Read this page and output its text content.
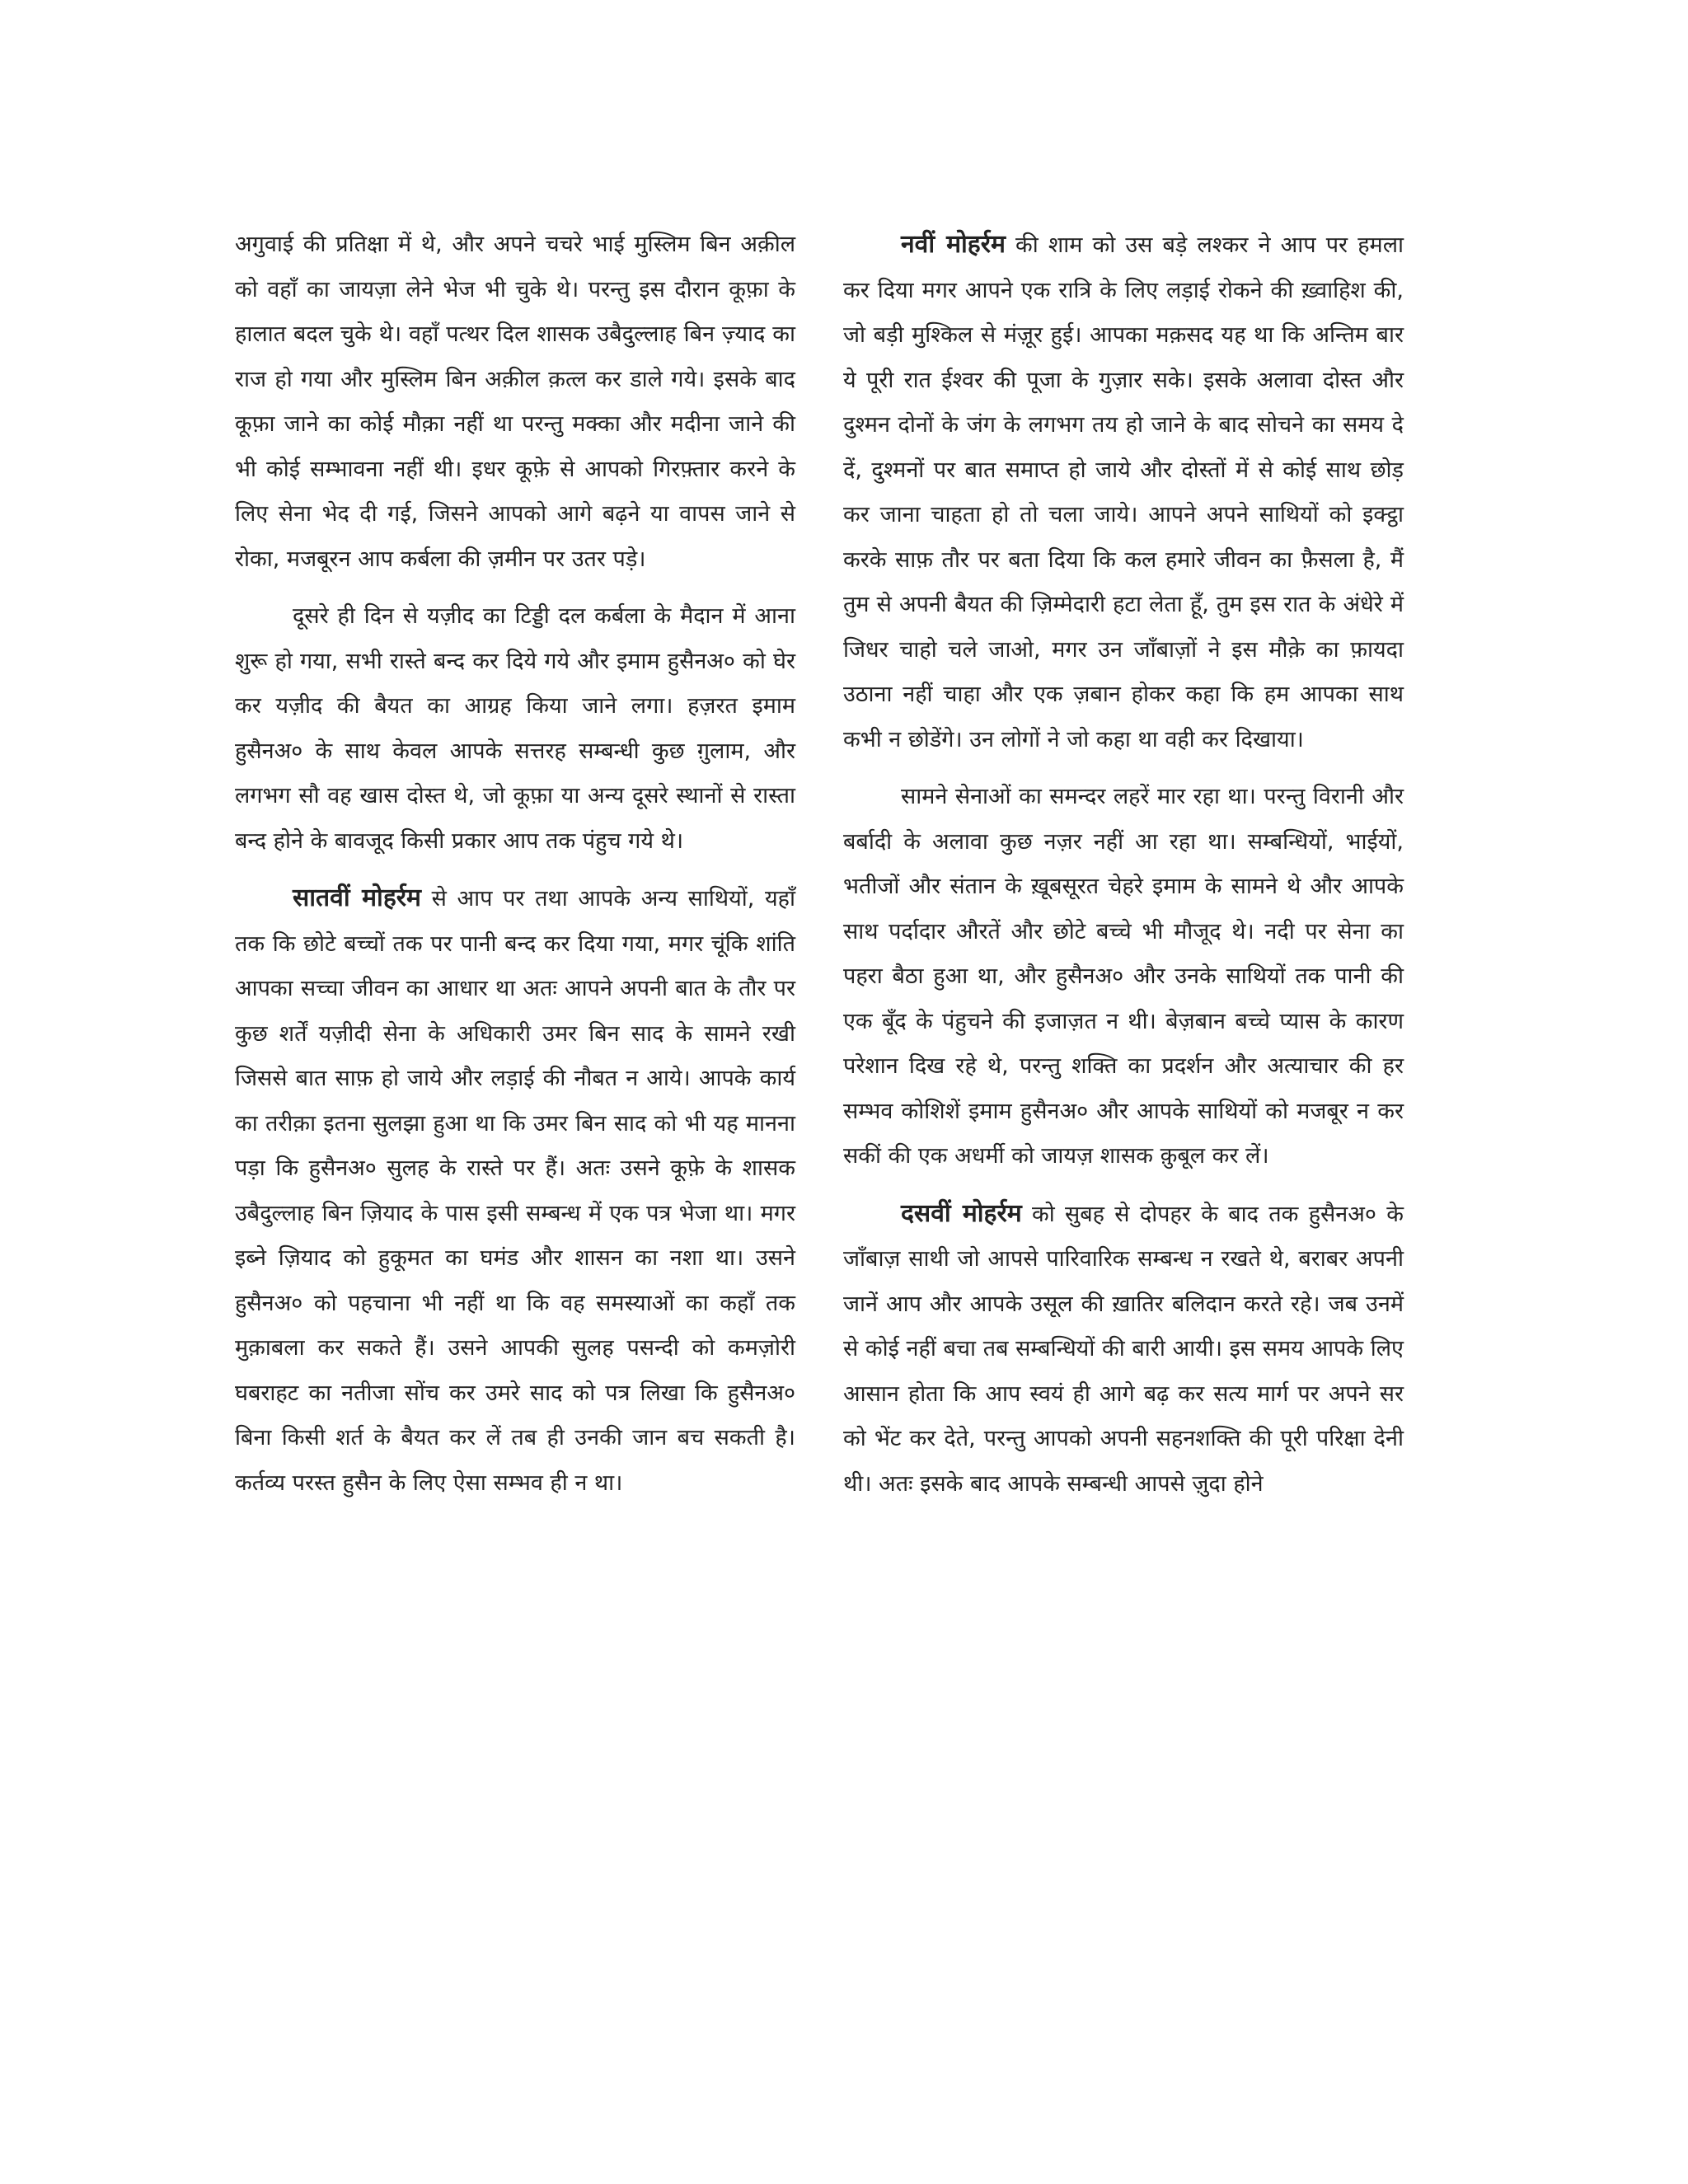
अगुवाई की प्रतिक्षा में थे, और अपने चचरे भाई मुस्लिम बिन अक़ील को वहाँ का जायज़ा लेने भेज भी चुके थे। परन्तु इस दौरान कूफ़ा के हालात बदल चुके थे। वहाँ पत्थर दिल शासक उबैदुल्लाह बिन ज़्याद का राज हो गया और मुस्लिम बिन अक़ील क़त्ल कर डाले गये। इसके बाद कूफ़ा जाने का कोई मौक़ा नहीं था परन्तु मक्का और मदीना जाने की भी कोई सम्भावना नहीं थी। इधर कूफ़े से आपको गिरफ़्तार करने के लिए सेना भेद दी गई, जिसने आपको आगे बढ़ने या वापस जाने से रोका, मजबूरन आप कर्बला की ज़मीन पर उतर पड़े।

दूसरे ही दिन से यज़ीद का टिड्डी दल कर्बला के मैदान में आना शुरू हो गया, सभी रास्ते बन्द कर दिये गये और इमाम हुसैनअ० को घेर कर यज़ीद की बैयत का आग्रह किया जाने लगा। हज़रत इमाम हुसैनअ० के साथ केवल आपके सत्तरह सम्बन्धी कुछ ग़ुलाम, और लगभग सौ वह खास दोस्त थे, जो कूफ़ा या अन्य दूसरे स्थानों से रास्ता बन्द होने के बावजूद किसी प्रकार आप तक पंहुच गये थे।

सातवीं मोहर्रम से आप पर तथा आपके अन्य साथियों, यहाँ तक कि छोटे बच्चों तक पर पानी बन्द कर दिया गया, मगर चूंकि शांति आपका सच्चा जीवन का आधार था अतः आपने अपनी बात के तौर पर कुछ शर्तें यज़ीदी सेना के अधिकारी उमर बिन साद के सामने रखी जिससे बात साफ़ हो जाये और लड़ाई की नौबत न आये। आपके कार्य का तरीक़ा इतना सुलझा हुआ था कि उमर बिन साद को भी यह मानना पड़ा कि हुसैनअ० सुलह के रास्ते पर हैं। अतः उसने कूफ़े के शासक उबैदुल्लाह बिन ज़ियाद के पास इसी सम्बन्ध में एक पत्र भेजा था। मगर इब्ने ज़ियाद को हुकूमत का घमंड और शासन का नशा था। उसने हुसैनअ० को पहचाना भी नहीं था कि वह समस्याओं का कहाँ तक मुक़ाबला कर सकते हैं। उसने आपकी सुलह पसन्दी को कमज़ोरी घबराहट का नतीजा सोंच कर उमरे साद को पत्र लिखा कि हुसैनअ० बिना किसी शर्त के बैयत कर लें तब ही उनकी जान बच सकती है। कर्तव्य परस्त हुसैन के लिए ऐसा सम्भव ही न था।

नवीं मोहर्रम की शाम को उस बड़े लश्कर ने आप पर हमला कर दिया मगर आपने एक रात्रि के लिए लड़ाई रोकने की ख़्वाहिश की, जो बड़ी मुश्किल से मंज़ूर हुई। आपका मक़सद यह था कि अन्तिम बार ये पूरी रात ईश्वर की पूजा के गुज़ार सके। इसके अलावा दोस्त और दुश्मन दोनों के जंग के लगभग तय हो जाने के बाद सोचने का समय दे दें, दुश्मनों पर बात समाप्त हो जाये और दोस्तों में से कोई साथ छोड़ कर जाना चाहता हो तो चला जाये। आपने अपने साथियों को इक्ट्ठा करके साफ़ तौर पर बता दिया कि कल हमारे जीवन का फ़ैसला है, मैं तुम से अपनी बैयत की ज़िम्मेदारी हटा लेता हूँ, तुम इस रात के अंधेरे में जिधर चाहो चले जाओ, मगर उन जाँबाज़ों ने इस मौक़े का फ़ायदा उठाना नहीं चाहा और एक ज़बान होकर कहा कि हम आपका साथ कभी न छोडेंगे। उन लोगों ने जो कहा था वही कर दिखाया।

सामने सेनाओं का समन्दर लहरें मार रहा था। परन्तु विरानी और बर्बादी के अलावा कुछ नज़र नहीं आ रहा था। सम्बन्धियों, भाईयों, भतीजों और संतान के ख़ूबसूरत चेहरे इमाम के सामने थे और आपके साथ पर्दादार औरतें और छोटे बच्चे भी मौजूद थे। नदी पर सेना का पहरा बैठा हुआ था, और हुसैनअ० और उनके साथियों तक पानी की एक बूँद के पंहुचने की इजाज़त न थी। बेज़बान बच्चे प्यास के कारण परेशान दिख रहे थे, परन्तु शक्ति का प्रदर्शन और अत्याचार की हर सम्भव कोशिशें इमाम हुसैनअ० और आपके साथियों को मजबूर न कर सकीं की एक अधर्मी को जायज़ शासक क़ुबूल कर लें।

दसवीं मोहर्रम को सुबह से दोपहर के बाद तक हुसैनअ० के जाँबाज़ साथी जो आपसे पारिवारिक सम्बन्ध न रखते थे, बराबर अपनी जानें आप और आपके उसूल की ख़ातिर बलिदान करते रहे। जब उनमें से कोई नहीं बचा तब सम्बन्धियों की बारी आयी। इस समय आपके लिए आसान होता कि आप स्वयं ही आगे बढ़ कर सत्य मार्ग पर अपने सर को भेंट कर देते, परन्तु आपको अपनी सहनशक्ति की पूरी परिक्षा देनी थी। अतः इसके बाद आपके सम्बन्धी आपसे ज़ुदा होने
